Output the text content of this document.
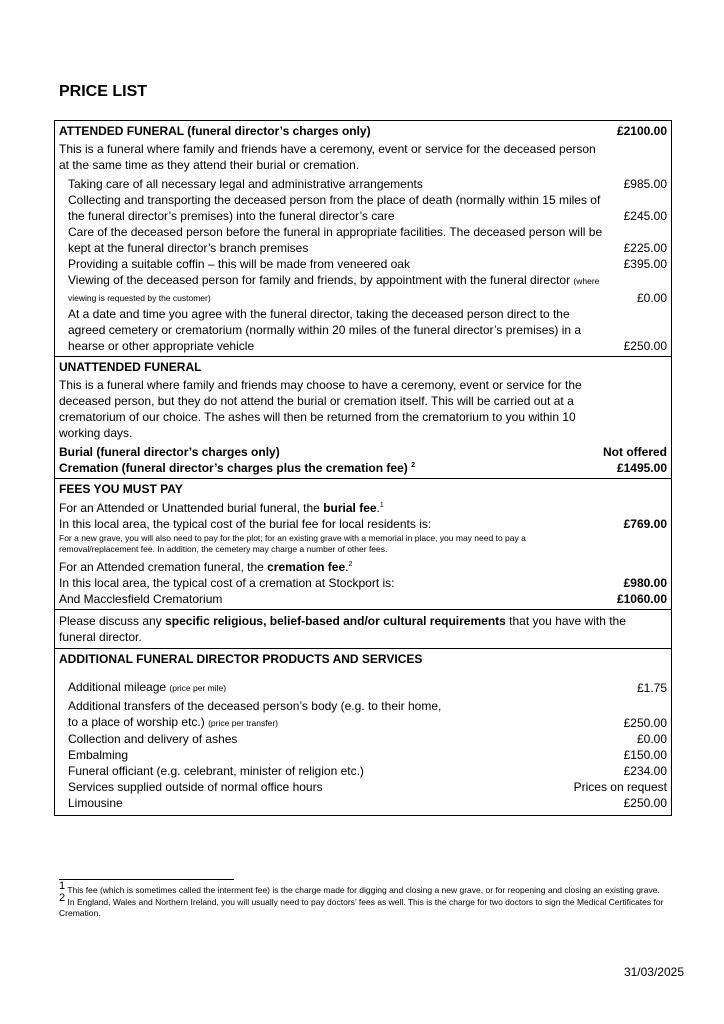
PRICE LIST
ATTENDED FUNERAL (funeral director’s charges only)	£2100.00
This is a funeral where family and friends have a ceremony, event or service for the deceased person at the same time as they attend their burial or cremation.
Taking care of all necessary legal and administrative arrangements	£985.00
Collecting and transporting the deceased person from the place of death (normally within 15 miles of the funeral director’s premises) into the funeral director’s care	£245.00
Care of the deceased person before the funeral in appropriate facilities. The deceased person will be kept at the funeral director’s branch premises	£225.00
Providing a suitable coffin – this will be made from veneered oak	£395.00
Viewing of the deceased person for family and friends, by appointment with the funeral director (where viewing is requested by the customer)	£0.00
At a date and time you agree with the funeral director, taking the deceased person direct to the agreed cemetery or crematorium (normally within 20 miles of the funeral director’s premises) in a hearse or other appropriate vehicle	£250.00
UNATTENDED FUNERAL
This is a funeral where family and friends may choose to have a ceremony, event or service for the deceased person, but they do not attend the burial or cremation itself. This will be carried out at a crematorium of our choice. The ashes will then be returned from the crematorium to you within 10 working days.
Burial (funeral director’s charges only)	Not offered
Cremation (funeral director’s charges plus the cremation fee) $^2$	£1495.00
FEES YOU MUST PAY
For an Attended or Unattended burial funeral, the burial fee.$^1$
In this local area, the typical cost of the burial fee for local residents is:	£769.00
For a new grave, you will also need to pay for the plot; for an existing grave with a memorial in place, you may need to pay a removal/replacement fee. In addition, the cemetery may charge a number of other fees.
For an Attended cremation funeral, the cremation fee.$^2$
In this local area, the typical cost of a cremation at Stockport is:	£980.00
And Macclesfield Crematorium	£1060.00
Please discuss any specific religious, belief-based and/or cultural requirements that you have with the funeral director.
ADDITIONAL FUNERAL DIRECTOR PRODUCTS AND SERVICES
Additional mileage (price per mile)	£1.75
Additional transfers of the deceased person’s body (e.g. to their home, to a place of worship etc.) (price per transfer)	£250.00
Collection and delivery of ashes	£0.00
Embalming	£150.00
Funeral officiant (e.g. celebrant, minister of religion etc.)	£234.00
Services supplied outside of normal office hours	Prices on request
Limousine	£250.00
$^1$ This fee (which is sometimes called the interment fee) is the charge made for digging and closing a new grave, or for reopening and closing an existing grave.
$^2$ In England, Wales and Northern Ireland, you will usually need to pay doctors’ fees as well. This is the charge for two doctors to sign the Medical Certificates for Cremation.
31/03/2025
